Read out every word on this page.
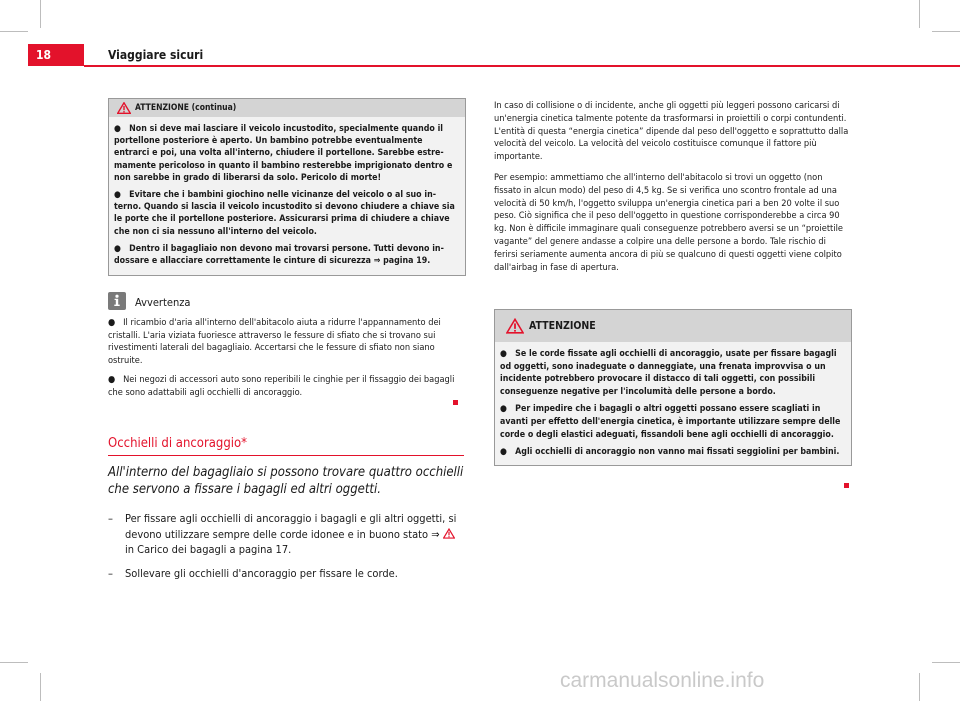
18	Viaggiare sicuri
ATTENZIONE (continua)

●   Non si deve mai lasciare il veicolo incustodito, specialmente quando il portellone posteriore è aperto. Un bambino potrebbe eventualmente entrarci e poi, una volta all'interno, chiudere il portellone. Sarebbe estremamente pericoloso in quanto il bambino resterebbe imprigionato dentro e non sarebbe in grado di liberarsi da solo. Pericolo di morte!

●   Evitare che i bambini giochino nelle vicinanze del veicolo o al suo interno. Quando si lascia il veicolo incustodito si devono chiudere a chiave sia le porte che il portellone posteriore. Assicurarsi prima di chiudere a chiave che non ci sia nessuno all'interno del veicolo.

●   Dentro il bagagliaio non devono mai trovarsi persone. Tutti devono indossare e allacciare correttamente le cinture di sicurezza ⇒ pagina 19.

Avvertenza

●   Il ricambio d'aria all'interno dell'abitacolo aiuta a ridurre l'appannamento dei cristalli. L'aria viziata fuoriesce attraverso le fessure di sfiato che si trovano sui rivestimenti laterali del bagagliaio. Accertarsi che le fessure di sfiato non siano ostruite.

●   Nei negozi di accessori auto sono reperibili le cinghie per il fissaggio dei bagagli che sono adattabili agli occhielli di ancoraggio.

Occhielli di ancoraggio*
All'interno del bagagliaio si possono trovare quattro occhielli che servono a fissare i bagagli ed altri oggetti.
– Per fissare agli occhielli di ancoraggio i bagagli e gli altri oggetti, si devono utilizzare sempre delle corde idonee e in buono stato ⇒  in Carico dei bagagli a pagina 17.
– Sollevare gli occhielli d'ancoraggio per fissare le corde.

In caso di collisione o di incidente, anche gli oggetti più leggeri possono caricarsi di un'energia cinetica talmente potente da trasformarsi in proiettili o corpi contundenti. L'entità di questa “energia cinetica” dipende dal peso dell'oggetto e soprattutto dalla velocità del veicolo. La velocità del veicolo costituisce comunque il fattore più importante.

Per esempio: ammettiamo che all'interno dell'abitacolo si trovi un oggetto (non fissato in alcun modo) del peso di 4,5 kg. Se si verifica uno scontro frontale ad una velocità di 50 km/h, l'oggetto sviluppa un'energia cinetica pari a ben 20 volte il suo peso. Ciò significa che il peso dell'oggetto in questione corrisponderebbe a circa 90 kg. Non è difficile immaginare quali conseguenze potrebbero aversi se un “proiettile vagante” del genere andasse a colpire una delle persone a bordo. Tale rischio di ferirsi seriamente aumenta ancora di più se qualcuno di questi oggetti viene colpito dall'airbag in fase di apertura.

ATTENZIONE

●   Se le corde fissate agli occhielli di ancoraggio, usate per fissare bagagli od oggetti, sono inadeguate o danneggiate, una frenata improvvisa o un incidente potrebbero provocare il distacco di tali oggetti, con possibili conseguenze negative per l'incolumità delle persone a bordo.

●   Per impedire che i bagagli o altri oggetti possano essere scagliati in avanti per effetto dell'energia cinetica, è importante utilizzare sempre delle corde o degli elastici adeguati, fissandoli bene agli occhielli di ancoraggio.

●   Agli occhielli di ancoraggio non vanno mai fissati seggiolini per bambini.

carmanualsonline.info
